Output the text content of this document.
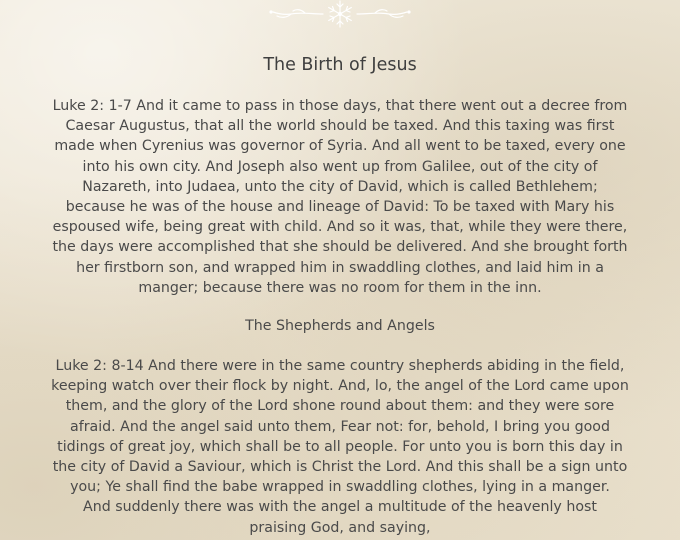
The Birth of Jesus

Luke 2: 1-7 And it came to pass in those days, that there went out a decree from
Caesar Augustus, that all the world should be taxed. And this taxing was first
made when Cyrenius was governor of Syria. And all went to be taxed, every one
into his own city. And Joseph also went up from Galilee, out of the city of
Nazareth, into Judaea, unto the city of David, which is called Bethlehem;
because he was of the house and lineage of David: To be taxed with Mary his
espoused wife, being great with child. And so it was, that, while they were there,
the days were accomplished that she should be delivered. And she brought forth
her firstborn son, and wrapped him in swaddling clothes, and laid him in a
manger; because there was no room for them in the inn.

The Shepherds and Angels

Luke 2: 8-14 And there were in the same country shepherds abiding in the field,
keeping watch over their flock by night. And, lo, the angel of the Lord came upon
them, and the glory of the Lord shone round about them: and they were sore
afraid. And the angel said unto them, Fear not: for, behold, I bring you good
tidings of great joy, which shall be to all people. For unto you is born this day in
the city of David a Saviour, which is Christ the Lord. And this shall be a sign unto
you; Ye shall find the babe wrapped in swaddling clothes, lying in a manger.
And suddenly there was with the angel a multitude of the heavenly host
praising God, and saying,
